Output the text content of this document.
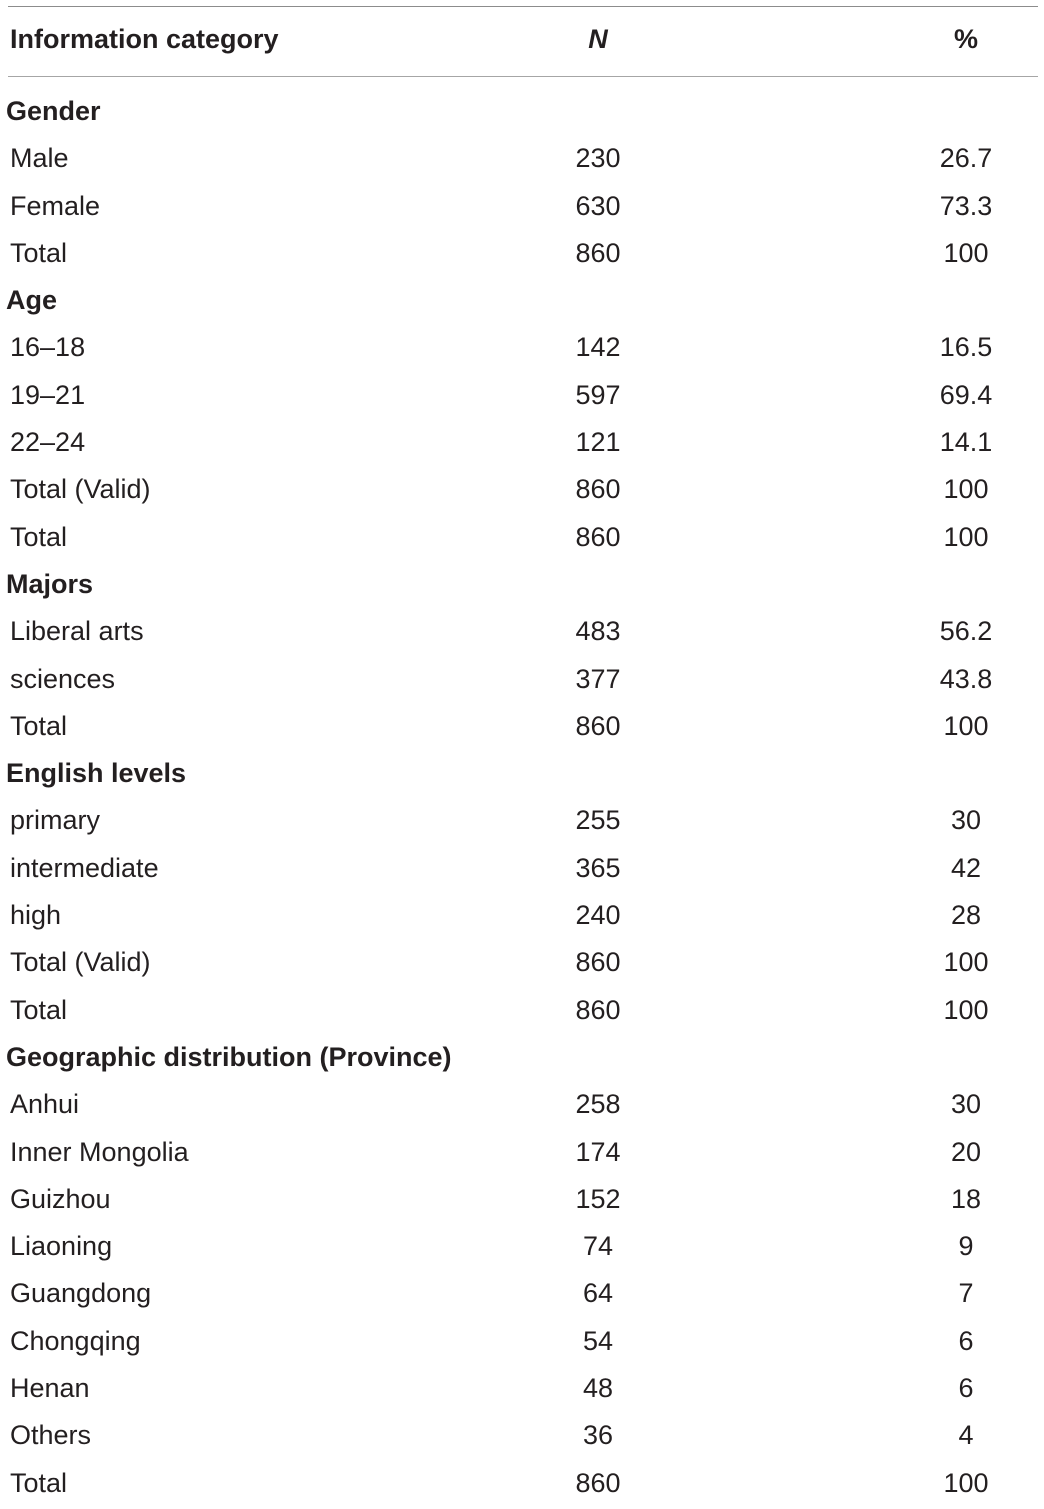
Information category	N	%
Gender
Male	230	26.7
Female	630	73.3
Total	860	100
Age
16–18	142	16.5
19–21	597	69.4
22–24	121	14.1
Total (Valid)	860	100
Total	860	100
Majors
Liberal arts	483	56.2
sciences	377	43.8
Total	860	100
English levels
primary	255	30
intermediate	365	42
high	240	28
Total (Valid)	860	100
Total	860	100
Geographic distribution (Province)
Anhui	258	30
Inner Mongolia	174	20
Guizhou	152	18
Liaoning	74	9
Guangdong	64	7
Chongqing	54	6
Henan	48	6
Others	36	4
Total	860	100
